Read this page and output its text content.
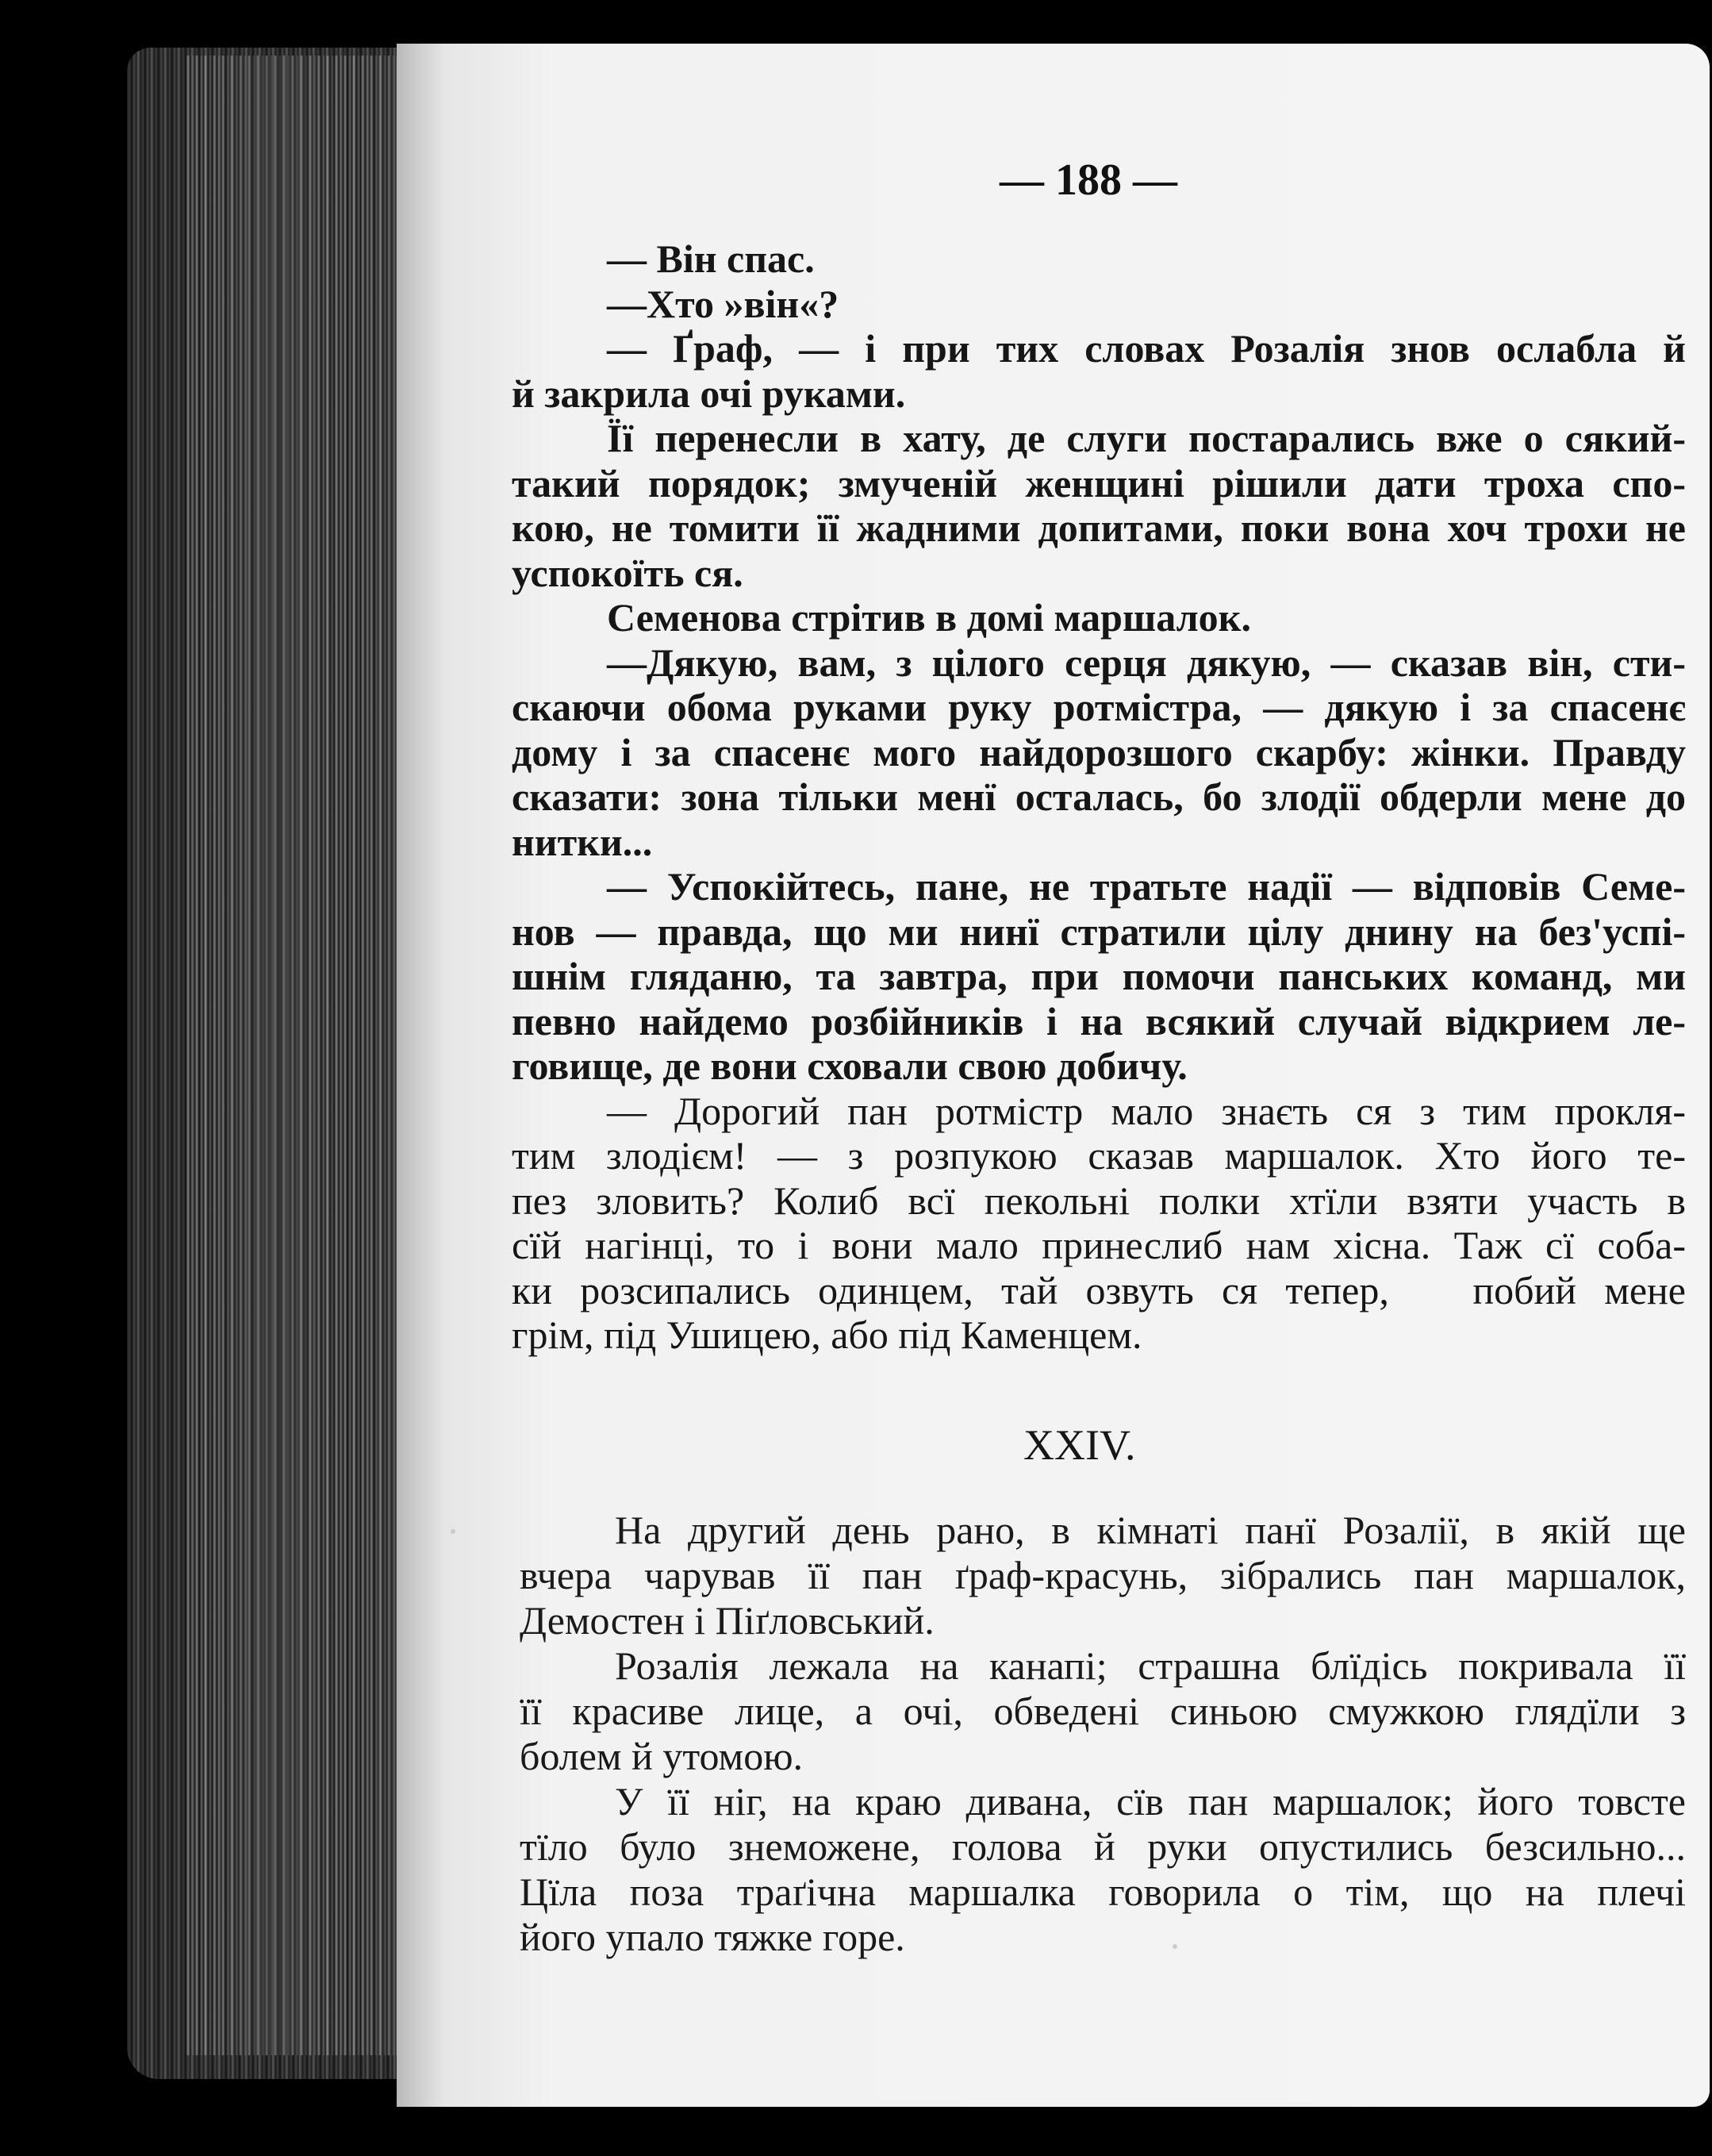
— 188 —
— Він спас.
—Хто »він«?
— Ґраф, — і при тих словах Розалія знов ослабла й
й закрила очі руками.
Її перенесли в хату, де слуги постарались вже о сякий-
такий порядок; змученій женщині рішили дати троха спо-
кою, не томити її жадними допитами, поки вона хоч трохи не
успокоїть ся.
Семенова стрітив в домі маршалок.
—Дякую, вам, з цілого серця дякую, — сказав він, сти-
скаючи обома руками руку ротмістра, — дякую і за спасенє
дому і за спасенє мого найдорозшого скарбу: жінки. Правду
сказати: зона тільки менї осталась, бо злодії обдерли мене до
нитки...
— Успокійтесь, пане, не тратьте надії — відповів Семе-
нов — правда, що ми нинї стратили цілу днину на без'успі-
шнім гляданю, та завтра, при помочи панських команд, ми
певно найдемо розбійників і на всякий случай відкрием ле-
говище, де вони сховали свою добичу.
— Дорогий пан ротмістр мало знаєть ся з тим прокля-
тим злодієм! — з розпукою сказав маршалок. Хто його те-
пез зловить? Колиб всї пекольні полки хтїли взяти участь в
сїй нагінці, то і вони мало принеслиб нам хісна. Таж сї соба-
ки розсипались одинцем, тай озвуть ся тепер,   побий мене
грім, під Ушицею, або під Каменцем.
XXIV.
На другий день рано, в кімнаті панї Розалії, в якій ще
вчера чарував її пан ґраф-красунь, зібрались пан маршалок,
Демостен і Піґловський.
Розалія лежала на канапі; страшна блїдісь покривала її
її красиве лице, а очі, обведені синьою смужкою глядїли з
болем й утомою.
У її ніг, на краю дивана, сїв пан маршалок; його товсте
тїло було знеможене, голова й руки опустились безсильно...
Цїла поза траґічна маршалка говорила о тім, що на плечі
його упало тяжке горе.
